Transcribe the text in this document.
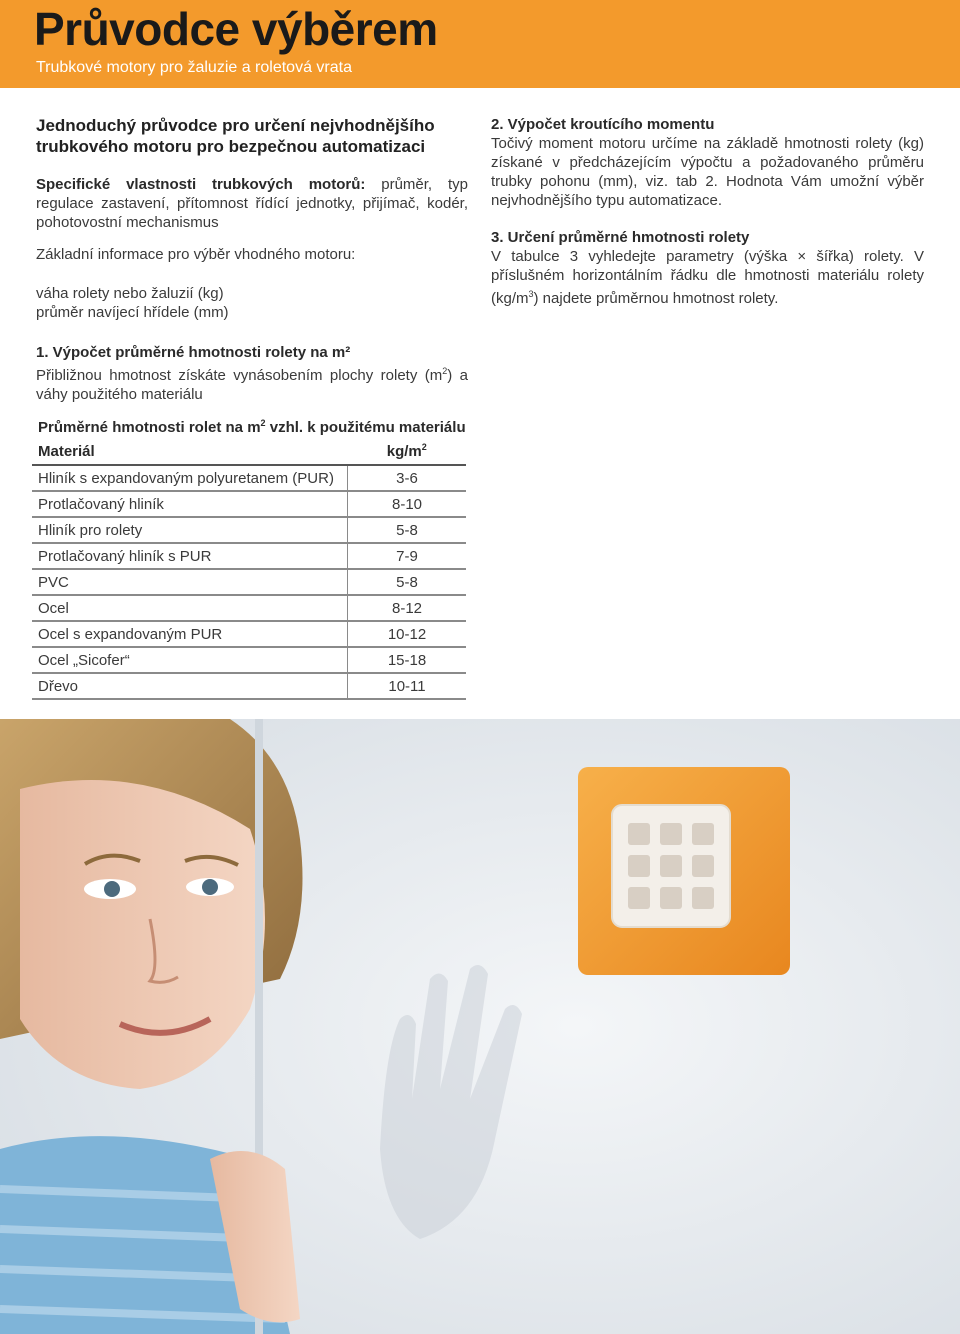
Průvodce výběrem

Trubkové motory pro žaluzie a roletová vrata

Jednoduchý průvodce pro určení nejvhodnějšího trubkového motoru pro bezpečnou automatizaci

Specifické vlastnosti trubkových motorů: průměr, typ regulace zastavení, přítomnost řídící jednotky, přijímač, kodér, pohotovostní mechanismus

Základní informace pro výběr vhodného motoru:

váha rolety nebo žaluzií (kg)

průměr navíjecí hřídele (mm)

1. Výpočet průměrné hmotnosti rolety na m²

Přibližnou hmotnost získáte vynásobením plochy rolety $(m^2)$ a váhy použitého materiálu

2. Výpočet kroutícího momentu

Točivý moment motoru určíme na základě hmotnosti rolety (kg) získané v předcházejícím výpočtu a požadovaného průměru trubky pohonu (mm), viz. tab 2. Hodnota Vám umožní výběr nejvhodnějšího typu automatizace.

3. Určení průměrné hmotnosti rolety

V tabulce 3 vyhledejte parametry (výška × šířka) rolety. V příslušném horizontálním řádku dle hmotnosti materiálu rolety $(kg/m^3)$ najdete průměrnou hmotnost rolety.

Průměrné hmotnosti rolet na $m^2$ vzhl. k použitému materiálu
Materiál	$kg/m^2$
Hliník s expandovaným polyuretanem (PUR)	3-6
Protlačovaný hliník	8-10
Hliník pro rolety	5-8
Protlačovaný hliník s PUR	7-9
PVC	5-8
Ocel	8-12
Ocel s expandovaným PUR	10-12
Ocel „Sicofer“	15-18
Dřevo	10-11
